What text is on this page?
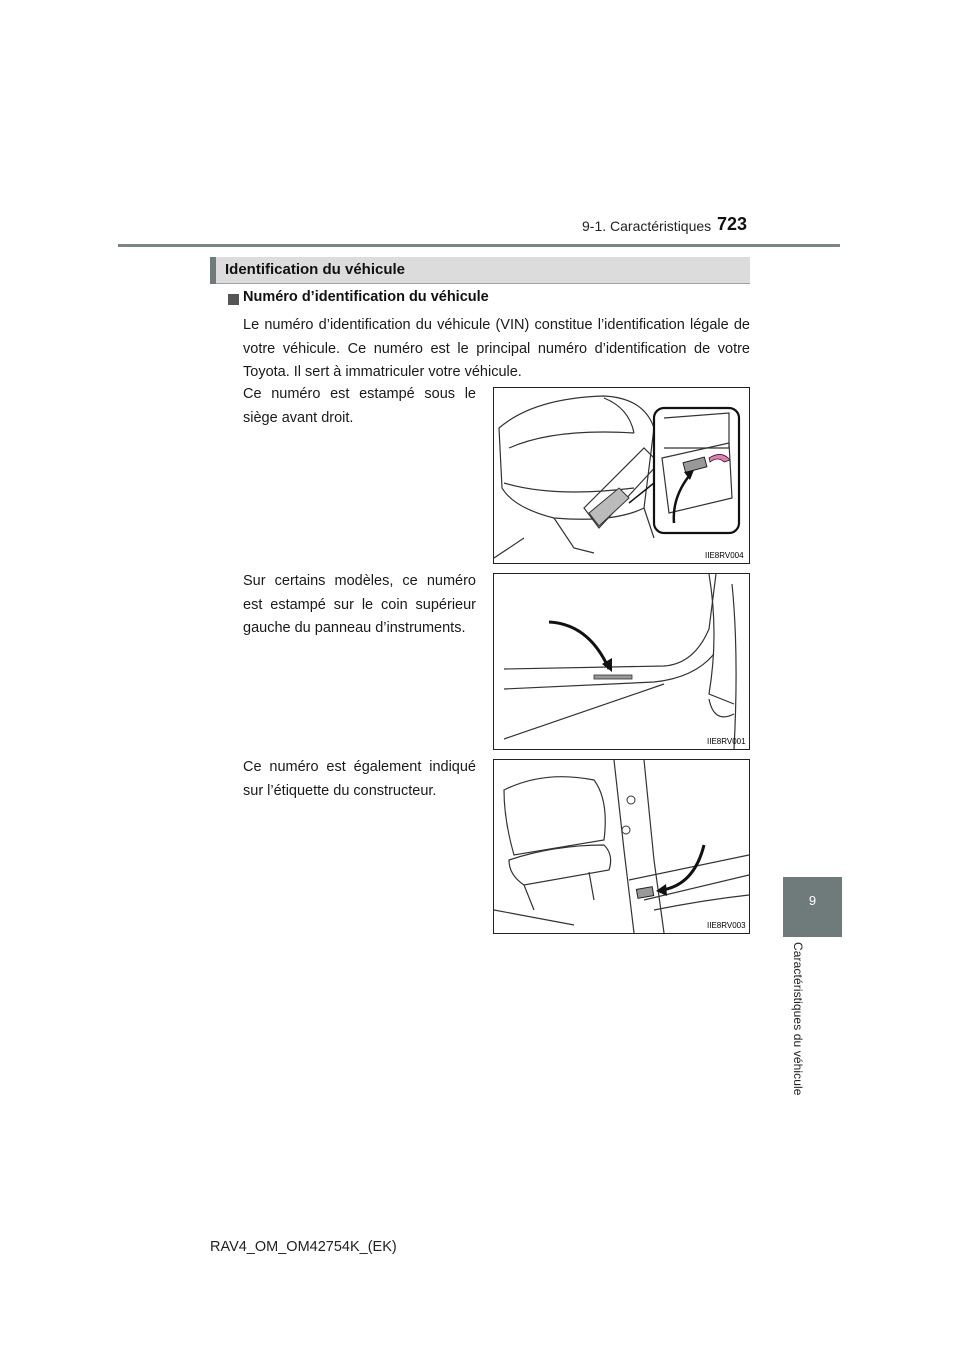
9-1. Caractéristiques 723
9
Caractéristiques du véhicule
Identification du véhicule
Numéro d’identification du véhicule
Le numéro d’identification du véhicule (VIN) constitue l’identification légale de votre véhicule. Ce numéro est le principal numéro d’identification de votre Toyota. Il sert à immatriculer votre véhicule.
Ce numéro est estampé sous le siège avant droit.
IIE8RV004
Sur certains modèles, ce numéro est estampé sur le coin supérieur gauche du panneau d’instruments.
IIE8RV001
Ce numéro est également indiqué sur l’étiquette du constructeur.
IIE8RV003
RAV4_OM_OM42754K_(EK)
